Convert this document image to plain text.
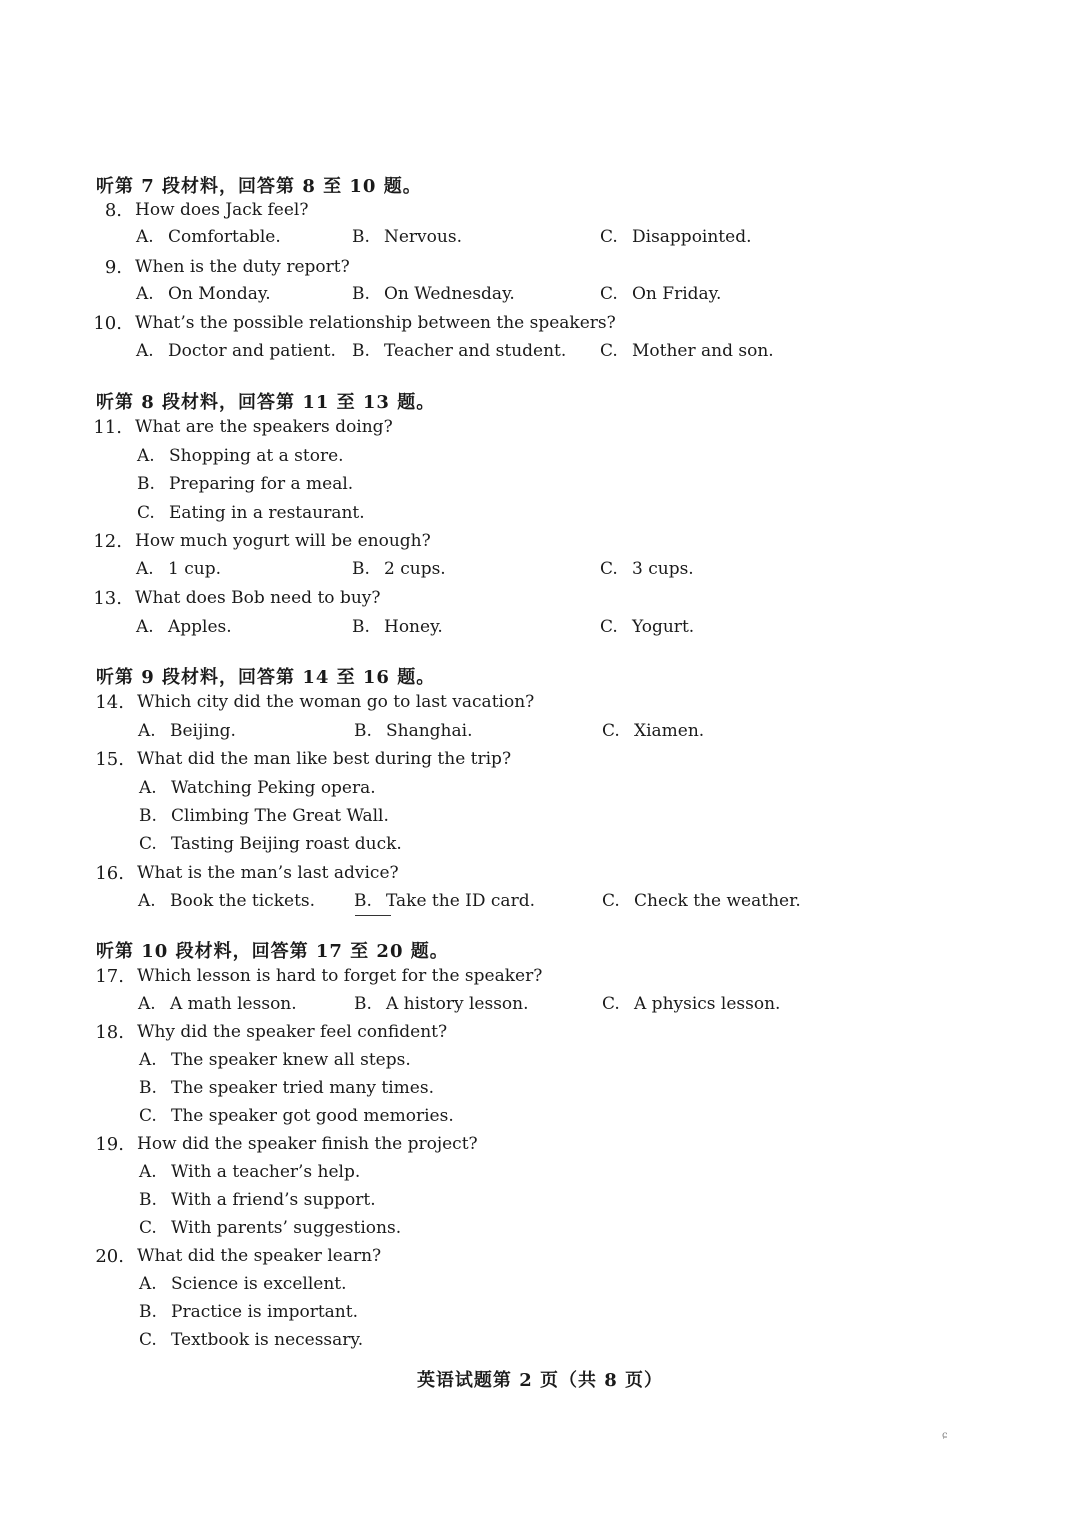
听第 7 段材料，回答第 8 至 10 题。
8. How does Jack feel?
A. Comfortable.	B. Nervous.	C. Disappointed.
9. When is the duty report?
A. On Monday.	B. On Wednesday.	C. On Friday.
10. What’s the possible relationship between the speakers?
A. Doctor and patient. B. Teacher and student. C. Mother and son.
听第 8 段材料，回答第 11 至 13 题。
11. What are the speakers doing?
A. Shopping at a store.
B. Preparing for a meal.
C. Eating in a restaurant.
12. How much yogurt will be enough?
A. 1 cup.	B. 2 cups.	C. 3 cups.
13. What does Bob need to buy?
A. Apples.	B. Honey.	C. Yogurt.
听第 9 段材料，回答第 14 至 16 题。
14. Which city did the woman go to last vacation?
A. Beijing.	B. Shanghai.	C. Xiamen.
15. What did the man like best during the trip?
A. Watching Peking opera.
B. Climbing The Great Wall.
C. Tasting Beijing roast duck.
16. What is the man’s last advice?
A. Book the tickets. B. Take the ID card.	C. Check the weather.
听第 10 段材料，回答第 17 至 20 题。
17. Which lesson is hard to forget for the speaker?
A. A math lesson.	B. A history lesson.	C. A physics lesson.
18. Why did the speaker feel confident?
A. The speaker knew all steps.
B. The speaker tried many times.
C. The speaker got good memories.
19. How did the speaker finish the project?
A. With a teacher’s help.
B. With a friend’s support.
C. With parents’ suggestions.
20. What did the speaker learn?
A. Science is excellent.
B. Practice is important.
C. Textbook is necessary.
英语试题第 2 页（共 8 页）
ɕ
